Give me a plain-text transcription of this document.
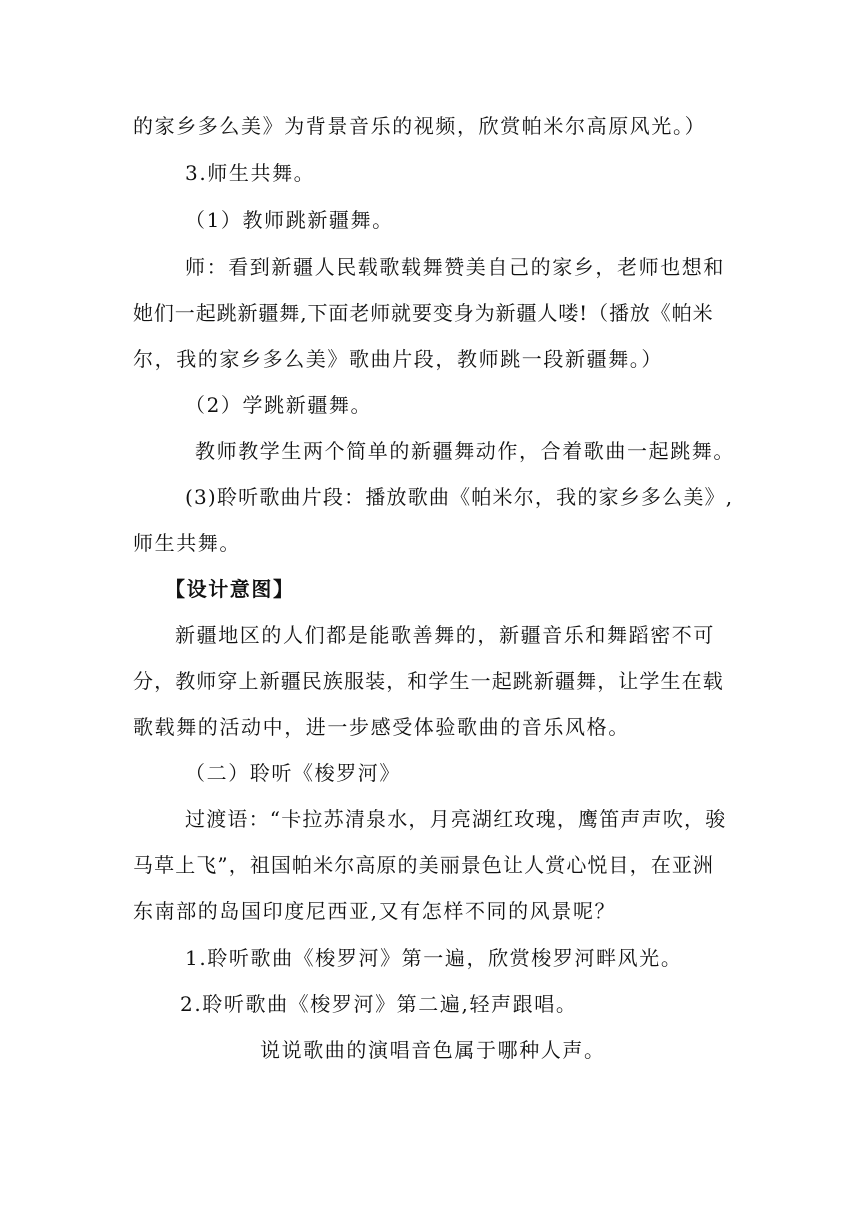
的家乡多么美》为背景音乐的视频，欣赏帕米尔高原风光。）
3.师生共舞。
（1）教师跳新疆舞。
师：看到新疆人民载歌载舞赞美自己的家乡，老师也想和
她们一起跳新疆舞,下面老师就要变身为新疆人喽!（播放《帕米
尔，我的家乡多么美》歌曲片段，教师跳一段新疆舞。）
（2）学跳新疆舞。
教师教学生两个简单的新疆舞动作，合着歌曲一起跳舞。
(3)聆听歌曲片段：播放歌曲《帕米尔，我的家乡多么美》,
师生共舞。
【设计意图】
新疆地区的人们都是能歌善舞的，新疆音乐和舞蹈密不可
分，教师穿上新疆民族服装，和学生一起跳新疆舞，让学生在载
歌载舞的活动中，进一步感受体验歌曲的音乐风格。
（二）聆听《梭罗河》
过渡语：“卡拉苏清泉水，月亮湖红玫瑰，鹰笛声声吹，骏
马草上飞”，祖国帕米尔高原的美丽景色让人赏心悦目，在亚洲
东南部的岛国印度尼西亚,又有怎样不同的风景呢？
1.聆听歌曲《梭罗河》第一遍，欣赏梭罗河畔风光。
2.聆听歌曲《梭罗河》第二遍,轻声跟唱。
说说歌曲的演唱音色属于哪种人声。
